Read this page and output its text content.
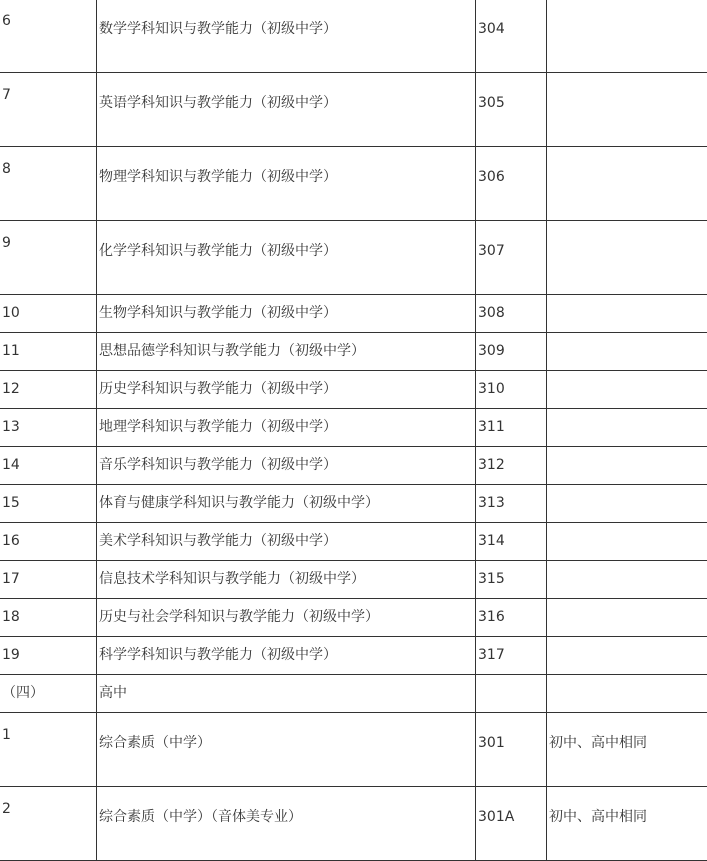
6	数学学科知识与教学能力（初级中学）	304	
7	英语学科知识与教学能力（初级中学）	305	
8	物理学科知识与教学能力（初级中学）	306	
9	化学学科知识与教学能力（初级中学）	307	
10	生物学科知识与教学能力（初级中学）	308	
11	思想品德学科知识与教学能力（初级中学）	309	
12	历史学科知识与教学能力（初级中学）	310	
13	地理学科知识与教学能力（初级中学）	311	
14	音乐学科知识与教学能力（初级中学）	312	
15	体育与健康学科知识与教学能力（初级中学）	313	
16	美术学科知识与教学能力（初级中学）	314	
17	信息技术学科知识与教学能力（初级中学）	315	
18	历史与社会学科知识与教学能力（初级中学）	316	
19	科学学科知识与教学能力（初级中学）	317	
（四）	高中		
1	综合素质（中学）	301	初中、高中相同
2	综合素质（中学）（音体美专业）	301A	初中、高中相同
